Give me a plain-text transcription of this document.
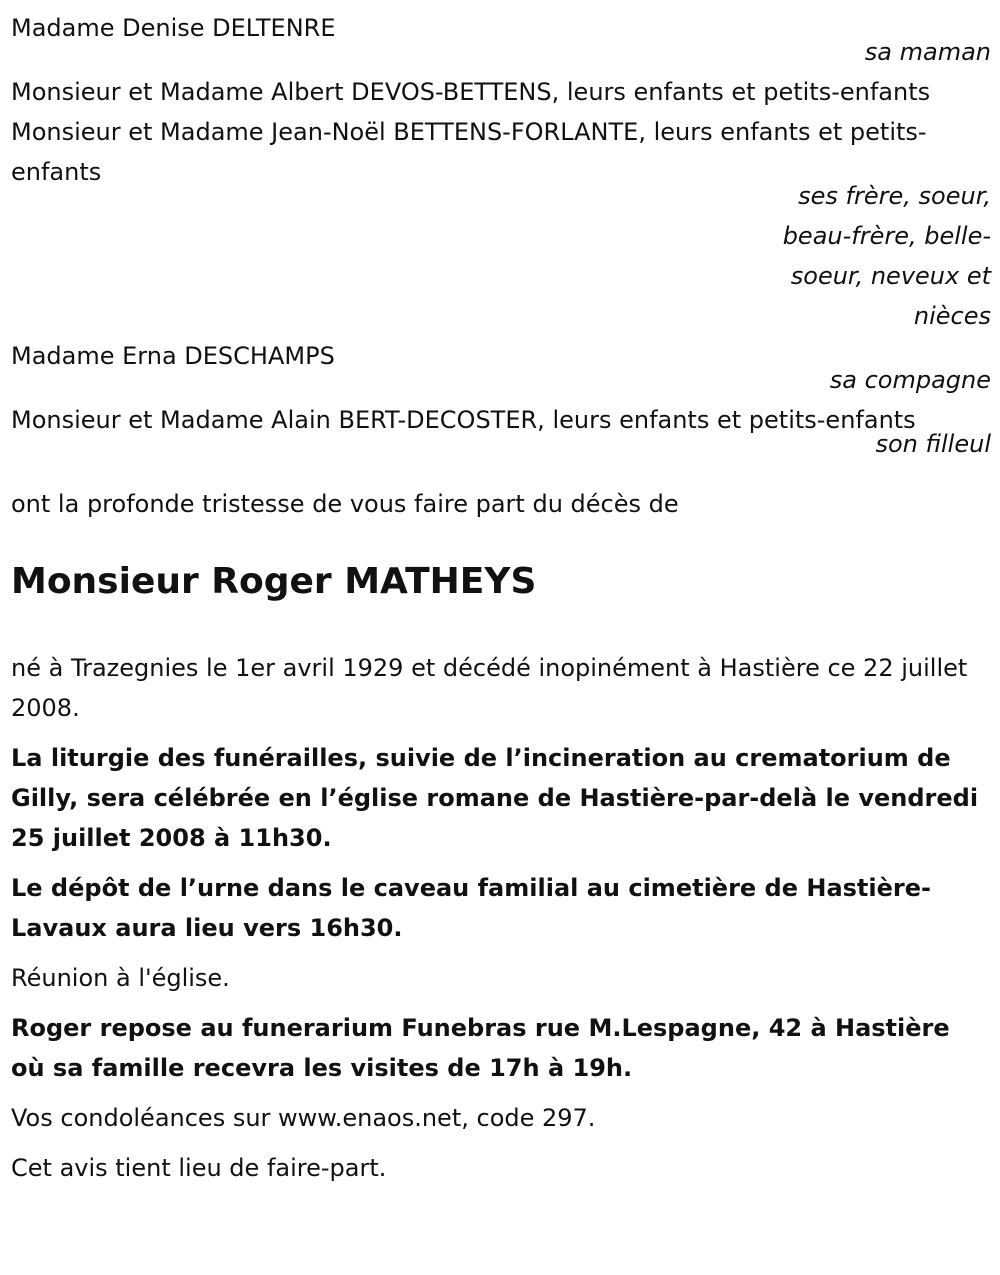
Madame Denise DELTENRE

sa maman

Monsieur et Madame Albert DEVOS-BETTENS, leurs enfants et petits-enfants

Monsieur et Madame Jean-Noël BETTENS-FORLANTE, leurs enfants et petits-enfants

ses frère, soeur, beau-frère, belle-soeur, neveux et nièces

Madame Erna DESCHAMPS

sa compagne

Monsieur et Madame Alain BERT-DECOSTER, leurs enfants et petits-enfants

son filleul

ont la profonde tristesse de vous faire part du décès de

Monsieur Roger MATHEYS

né à Trazegnies le 1er avril 1929 et décédé inopinément à Hastière ce 22 juillet 2008.

La liturgie des funérailles, suivie de l’incineration au crematorium de Gilly, sera célébrée en l’église romane de Hastière-par-delà le vendredi 25 juillet 2008 à 11h30.

Le dépôt de l’urne dans le caveau familial au cimetière de Hastière-Lavaux aura lieu vers 16h30.

Réunion à l'église.

Roger repose au funerarium Funebras rue M.Lespagne, 42 à Hastière où sa famille recevra les visites de 17h à 19h.

Vos condoléances sur www.enaos.net, code 297.

Cet avis tient lieu de faire-part.
